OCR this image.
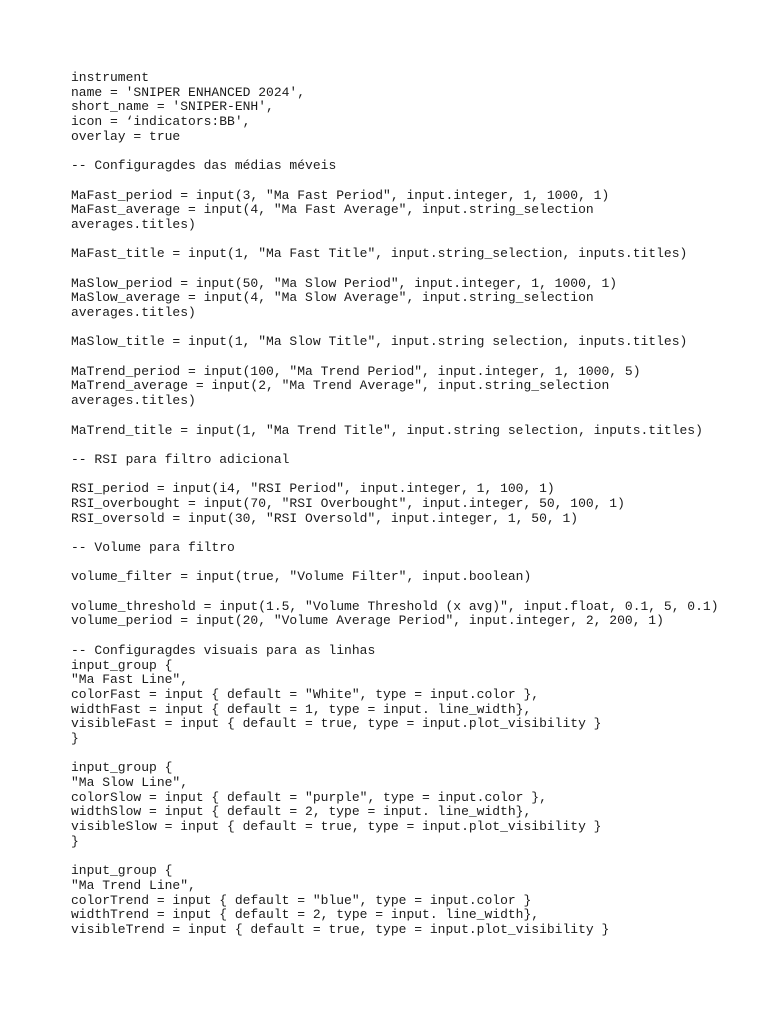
instrument
name = 'SNIPER ENHANCED 2024',
short_name = 'SNIPER-ENH',
icon = ‘indicators:BB',
overlay = true
-- Configuragdes das médias méveis
MaFast_period = input(3, "Ma Fast Period", input.integer, 1, 1000, 1)
MaFast_average = input(4, "Ma Fast Average", input.string_selection
averages.titles)
MaFast_title = input(1, "Ma Fast Title", input.string_selection, inputs.titles)
MaSlow_period = input(50, "Ma Slow Period", input.integer, 1, 1000, 1)
MaSlow_average = input(4, "Ma Slow Average", input.string_selection
averages.titles)
MaSlow_title = input(1, "Ma Slow Title", input.string selection, inputs.titles)
MaTrend_period = input(100, "Ma Trend Period", input.integer, 1, 1000, 5)
MaTrend_average = input(2, "Ma Trend Average", input.string_selection
averages.titles)
MaTrend_title = input(1, "Ma Trend Title", input.string selection, inputs.titles)
-- RSI para filtro adicional
RSI_period = input(i4, "RSI Period", input.integer, 1, 100, 1)
RSI_overbought = input(70, "RSI Overbought", input.integer, 50, 100, 1)
RSI_oversold = input(30, "RSI Oversold", input.integer, 1, 50, 1)
-- Volume para filtro
volume_filter = input(true, "Volume Filter", input.boolean)
volume_threshold = input(1.5, "Volume Threshold (x avg)", input.float, 0.1, 5, 0.1)
volume_period = input(20, "Volume Average Period", input.integer, 2, 200, 1)
-- Configuragdes visuais para as linhas
input_group {
"Ma Fast Line",
colorFast = input { default = "White", type = input.color },
widthFast = input { default = 1, type = input. line_width},
visibleFast = input { default = true, type = input.plot_visibility }
}
input_group {
"Ma Slow Line",
colorSlow = input { default = "purple", type = input.color },
widthSlow = input { default = 2, type = input. line_width},
visibleSlow = input { default = true, type = input.plot_visibility }
}
input_group {
"Ma Trend Line",
colorTrend = input { default = "blue", type = input.color }
widthTrend = input { default = 2, type = input. line_width},
visibleTrend = input { default = true, type = input.plot_visibility }
